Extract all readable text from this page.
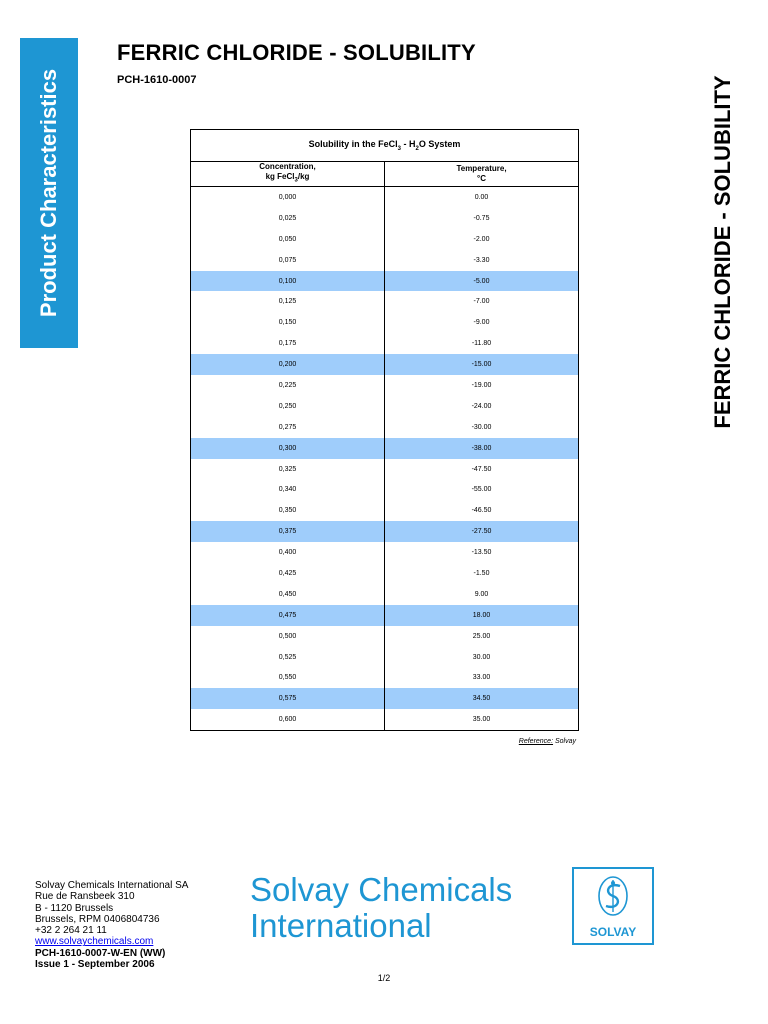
Product Characteristics
FERRIC CHLORIDE - SOLUBILITY
PCH-1610-0007	FERRIC CHLORIDE - SOLUBILITY
Solubility in the FeCl$_3$ - $H_2O$ System	
Concentration,
kg FeCl$_3$/kg	Temperature,
°C
0,000	0.00
0,025	-0.75
0,050	-2.00
0,075	-3.30
0,100	-5.00
0,125	-7.00
0,150	-9.00
0,175	-11.80
0,200	-15.00
0,225	-19.00
0,250	-24.00
0,275	-30.00
0,300	-38.00
0,325	-47.50
0,340	-55.00
0,350	-46.50
0,375	-27.50
0,400	-13.50
0,425	-1.50
0,450	9.00
0,475	18.00
0,500	25.00
0,525	30.00
0,550	33.00
0,575	34.50
0,600	35.00
Reference: Solvay
Solvay Chemicals International SA
Rue de Ransbeek 310
B - 1120 Brussels
Brussels, RPM 0406804736
+32 2 264 21 11
www.solvaychemicals.com
PCH-1610-0007-W-EN (WW)
Issue 1 - September 2006
Solvay Chemicals
International	SOLVAY
1/2
